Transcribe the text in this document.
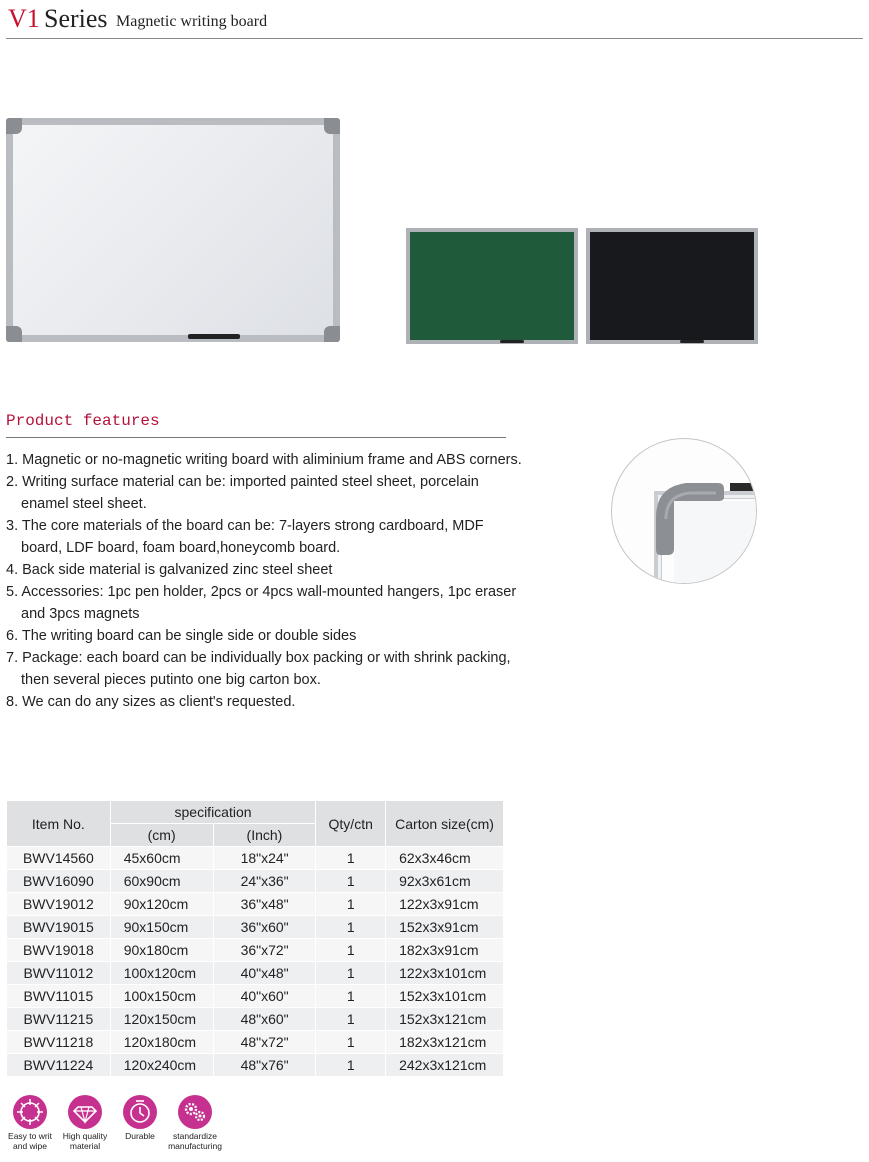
V1 Series Magnetic writing board
Product features
1. Magnetic or no-magnetic writing board with aliminium frame and ABS corners.
2. Writing surface material can be: imported painted steel sheet, porcelain enamel steel sheet.
3. The core materials of the board can be: 7-layers strong cardboard, MDF board, LDF board, foam board,honeycomb board.
4. Back side material is galvanized zinc steel sheet
5. Accessories: 1pc pen holder, 2pcs or 4pcs wall-mounted hangers, 1pc eraser and 3pcs magnets
6. The writing board can be single side or double sides
7. Package: each board can be individually box packing or with shrink packing, then several pieces putinto one big carton box.
8. We can do any sizes as client's requested.
Item No.	specification		Qty/ctn	Carton size(cm)
	(cm)	(Inch)		
BWV14560	45x60cm	18"x24"	1	62x3x46cm
BWV16090	60x90cm	24"x36"	1	92x3x61cm
BWV19012	90x120cm	36"x48"	1	122x3x91cm
BWV19015	90x150cm	36"x60"	1	152x3x91cm
BWV19018	90x180cm	36"x72"	1	182x3x91cm
BWV11012	100x120cm	40"x48"	1	122x3x101cm
BWV11015	100x150cm	40"x60"	1	152x3x101cm
BWV11215	120x150cm	48"x60"	1	152x3x121cm
BWV11218	120x180cm	48"x72"	1	182x3x121cm
BWV11224	120x240cm	48"x76"	1	242x3x121cm
Easy to writ
and wipe
High quality
material
Durable	standardize
manufacturing
